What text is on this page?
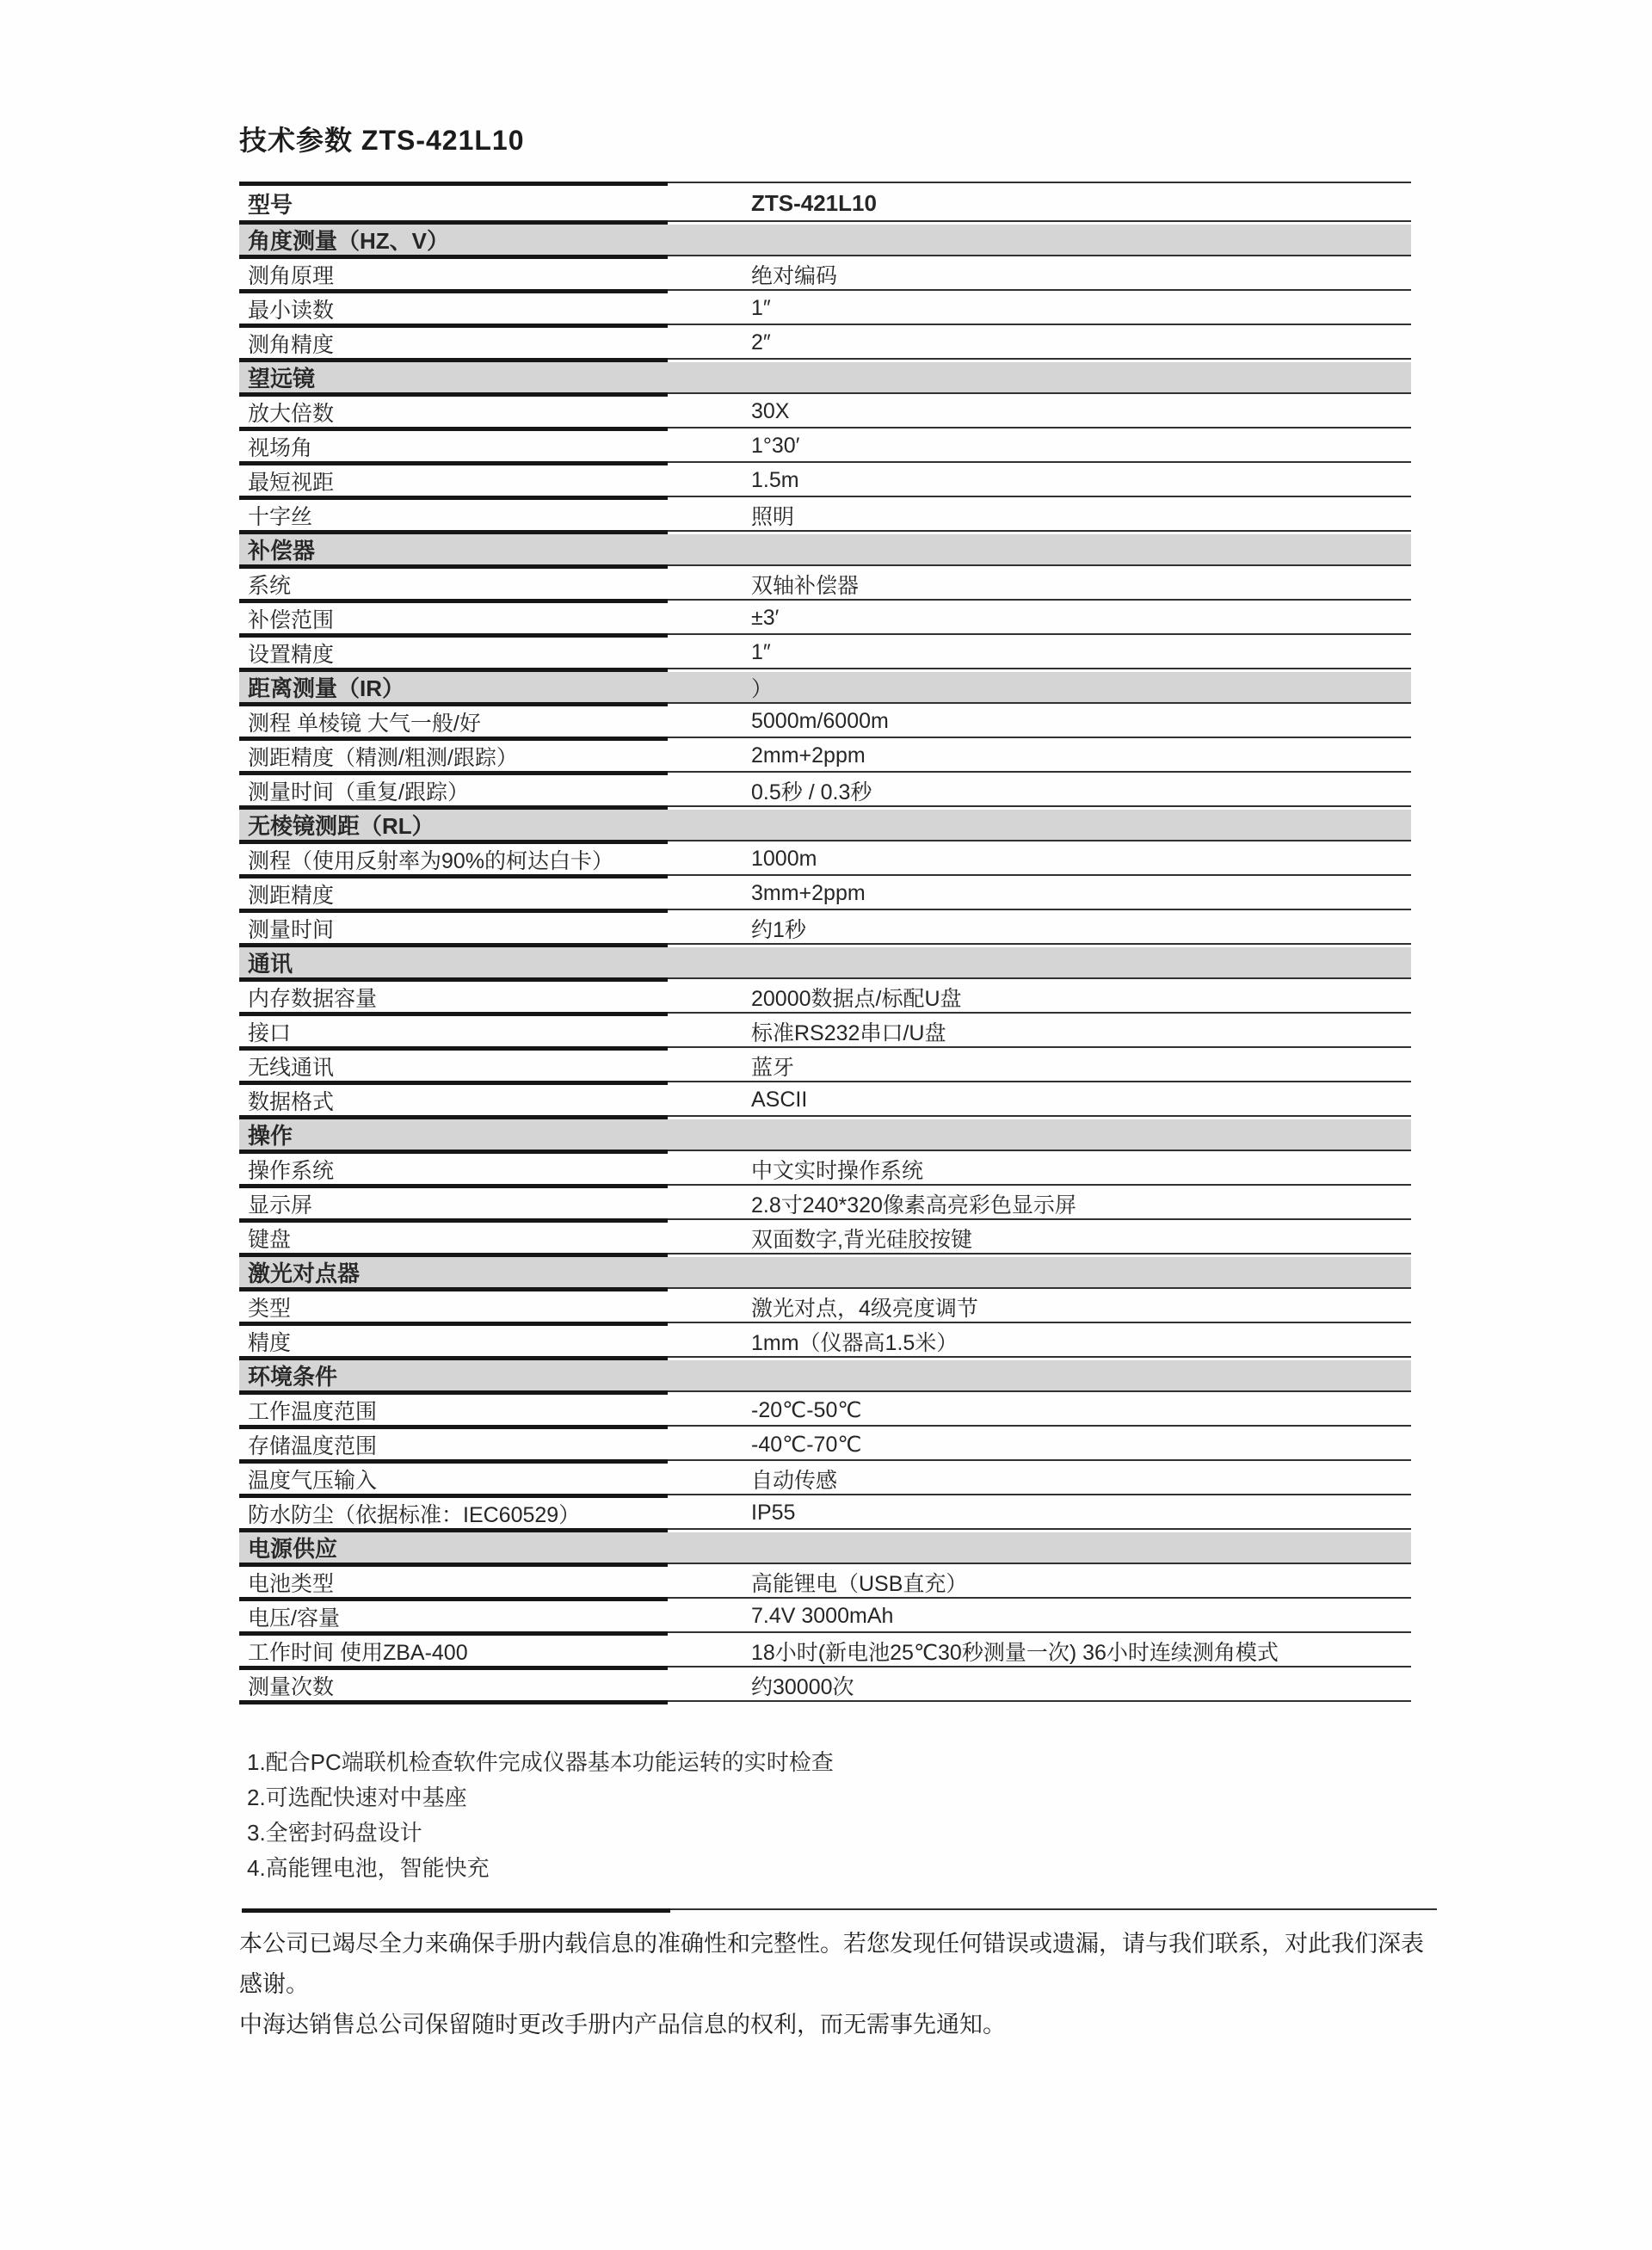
技术参数 ZTS-421L10
型号	ZTS-421L10
角度测量（HZ、V）
测角原理	绝对编码
最小读数	1″
测角精度	2″
望远镜
放大倍数	30X
视场角	1°30′
最短视距	1.5m
十字丝	照明
补偿器
系统	双轴补偿器
补偿范围	±3′
设置精度	1″
距离测量（IR）	）
测程 单棱镜 大气一般/好	5000m/6000m
测距精度（精测/粗测/跟踪）	2mm+2ppm
测量时间（重复/跟踪）	0.5秒 / 0.3秒
无棱镜测距（RL）
测程（使用反射率为90%的柯达白卡）	1000m
测距精度	3mm+2ppm
测量时间	约1秒
通讯
内存数据容量	20000数据点/标配U盘
接口	标准RS232串口/U盘
无线通讯	蓝牙
数据格式	ASCII
操作
操作系统	中文实时操作系统
显示屏	2.8寸240*320像素高亮彩色显示屏
键盘	双面数字,背光硅胶按键
激光对点器
类型	激光对点，4级亮度调节
精度	1mm（仪器高1.5米）
环境条件
工作温度范围	-20℃-50℃
存储温度范围	-40℃-70℃
温度气压输入	自动传感
防水防尘（依据标准：IEC60529）	IP55
电源供应
电池类型	高能锂电（USB直充）
电压/容量	7.4V 3000mAh
工作时间 使用ZBA-400	18小时(新电池25℃30秒测量一次) 36小时连续测角模式
测量次数	约30000次
1.配合PC端联机检查软件完成仪器基本功能运转的实时检查
2.可选配快速对中基座
3.全密封码盘设计
4.高能锂电池，智能快充
本公司已竭尽全力来确保手册内载信息的准确性和完整性。若您发现任何错误或遗漏，请与我们联系，对此我们深表感谢。
中海达销售总公司保留随时更改手册内产品信息的权利，而无需事先通知。
